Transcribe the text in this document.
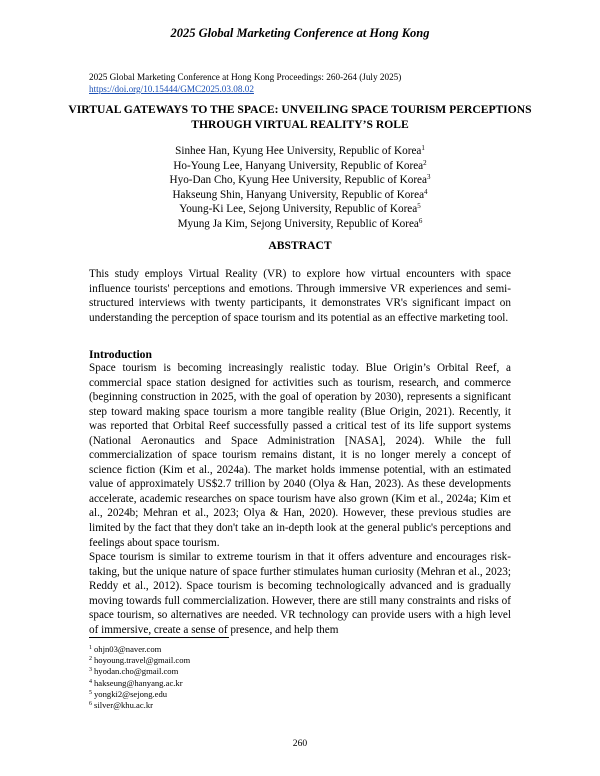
2025 Global Marketing Conference at Hong Kong
2025 Global Marketing Conference at Hong Kong Proceedings: 260-264 (July 2025)
https://doi.org/10.15444/GMC2025.03.08.02
VIRTUAL GATEWAYS TO THE SPACE: UNVEILING SPACE TOURISM PERCEPTIONS THROUGH VIRTUAL REALITY’S ROLE
Sinhee Han, Kyung Hee University, Republic of Korea$^1$
Ho-Young Lee, Hanyang University, Republic of Korea$^2$
Hyo-Dan Cho, Kyung Hee University, Republic of Korea$^3$
Hakseung Shin, Hanyang University, Republic of Korea$^4$
Young-Ki Lee, Sejong University, Republic of Korea$^5$
Myung Ja Kim, Sejong University, Republic of Korea$^6$
ABSTRACT
This study employs Virtual Reality (VR) to explore how virtual encounters with space influence tourists' perceptions and emotions. Through immersive VR experiences and semi-structured interviews with twenty participants, it demonstrates VR's significant impact on understanding the perception of space tourism and its potential as an effective marketing tool.
Introduction

Space tourism is becoming increasingly realistic today. Blue Origin’s Orbital Reef, a commercial space station designed for activities such as tourism, research, and commerce (beginning construction in 2025, with the goal of operation by 2030), represents a significant step toward making space tourism a more tangible reality (Blue Origin, 2021). Recently, it was reported that Orbital Reef successfully passed a critical test of its life support systems (National Aeronautics and Space Administration [NASA], 2024). While the full commercialization of space tourism remains distant, it is no longer merely a concept of science fiction (Kim et al., 2024a). The market holds immense potential, with an estimated value of approximately US$2.7 trillion by 2040 (Olya & Han, 2023). As these developments accelerate, academic researches on space tourism have also grown (Kim et al., 2024a; Kim et al., 2024b; Mehran et al., 2023; Olya & Han, 2020). However, these previous studies are limited by the fact that they don't take an in-depth look at the general public's perceptions and feelings about space tourism.

Space tourism is similar to extreme tourism in that it offers adventure and encourages risk-taking, but the unique nature of space further stimulates human curiosity (Mehran et al., 2023; Reddy et al., 2012). Space tourism is becoming technologically advanced and is gradually moving towards full commercialization. However, there are still many constraints and risks of space tourism, so alternatives are needed. VR technology can provide users with a high level of immersive, create a sense of presence, and help them

$^1$ ohjn03@naver.com
$^2$ hoyoung.travel@gmail.com
$^3$ hyodan.cho@gmail.com
$^4$ hakseung@hanyang.ac.kr
$^5$ yongki2@sejong.edu
$^6$ silver@khu.ac.kr
260
